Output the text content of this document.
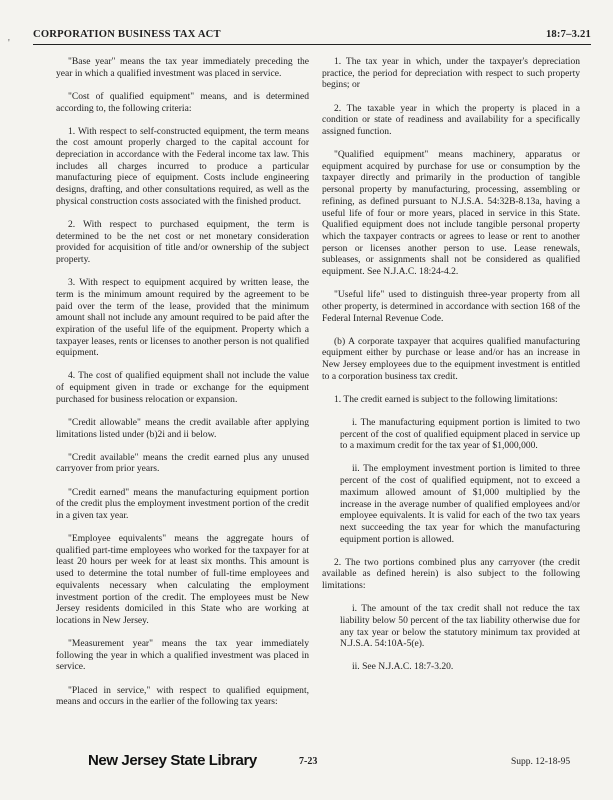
CORPORATION BUSINESS TAX ACT	18:7–3.21
'

"Base year" means the tax year immediately preceding the year in which a qualified investment was placed in service.

"Cost of qualified equipment" means, and is determined according to, the following criteria:

1. With respect to self-constructed equipment, the term means the cost amount properly charged to the capital account for depreciation in accordance with the Federal income tax law. This includes all charges incurred to produce a particular manufacturing piece of equipment. Costs include engineering designs, drafting, and other consultations required, as well as the physical construction costs associated with the finished product.

2. With respect to purchased equipment, the term is determined to be the net cost or net monetary consideration provided for acquisition of title and/or ownership of the subject property.

3. With respect to equipment acquired by written lease, the term is the minimum amount required by the agreement to be paid over the term of the lease, provided that the minimum amount shall not include any amount required to be paid after the expiration of the useful life of the equipment. Property which a taxpayer leases, rents or licenses to another person is not qualified equipment.

4. The cost of qualified equipment shall not include the value of equipment given in trade or exchange for the equipment purchased for business relocation or expansion.

"Credit allowable" means the credit available after applying limitations listed under (b)2i and ii below.

"Credit available" means the credit earned plus any unused carryover from prior years.

"Credit earned" means the manufacturing equipment portion of the credit plus the employment investment portion of the credit in a given tax year.

"Employee equivalents" means the aggregate hours of qualified part-time employees who worked for the taxpayer for at least 20 hours per week for at least six months. This amount is used to determine the total number of full-time employees and equivalents necessary when calculating the employment investment portion of the credit. The employees must be New Jersey residents domiciled in this State who are working at locations in New Jersey.

"Measurement year" means the tax year immediately following the year in which a qualified investment was placed in service.

"Placed in service," with respect to qualified equipment, means and occurs in the earlier of the following tax years:

1. The tax year in which, under the taxpayer's depreciation practice, the period for depreciation with respect to such property begins; or

2. The taxable year in which the property is placed in a condition or state of readiness and availability for a specifically assigned function.

"Qualified equipment" means machinery, apparatus or equipment acquired by purchase for use or consumption by the taxpayer directly and primarily in the production of tangible personal property by manufacturing, processing, assembling or refining, as defined pursuant to N.J.S.A. 54:32B-8.13a, having a useful life of four or more years, placed in service in this State. Qualified equipment does not include tangible personal property which the taxpayer contracts or agrees to lease or rent to another person or licenses another person to use. Lease renewals, subleases, or assignments shall not be considered as qualified equipment. See N.J.A.C. 18:24-4.2.

"Useful life" used to distinguish three-year property from all other property, is determined in accordance with section 168 of the Federal Internal Revenue Code.

(b) A corporate taxpayer that acquires qualified manufacturing equipment either by purchase or lease and/or has an increase in New Jersey employees due to the equipment investment is entitled to a corporation business tax credit.

1. The credit earned is subject to the following limitations:

i. The manufacturing equipment portion is limited to two percent of the cost of qualified equipment placed in service up to a maximum credit for the tax year of $1,000,000.

ii. The employment investment portion is limited to three percent of the cost of qualified equipment, not to exceed a maximum allowed amount of $1,000 multiplied by the increase in the average number of qualified employees and/or employee equivalents. It is valid for each of the two tax years next succeeding the tax year for which the manufacturing equipment portion is allowed.

2. The two portions combined plus any carryover (the credit available as defined herein) is also subject to the following limitations:

i. The amount of the tax credit shall not reduce the tax liability below 50 percent of the tax liability otherwise due for any tax year or below the statutory minimum tax provided at N.J.S.A. 54:10A-5(e).

ii. See N.J.A.C. 18:7-3.20.

New Jersey State Library	7-23	Supp. 12-18-95
